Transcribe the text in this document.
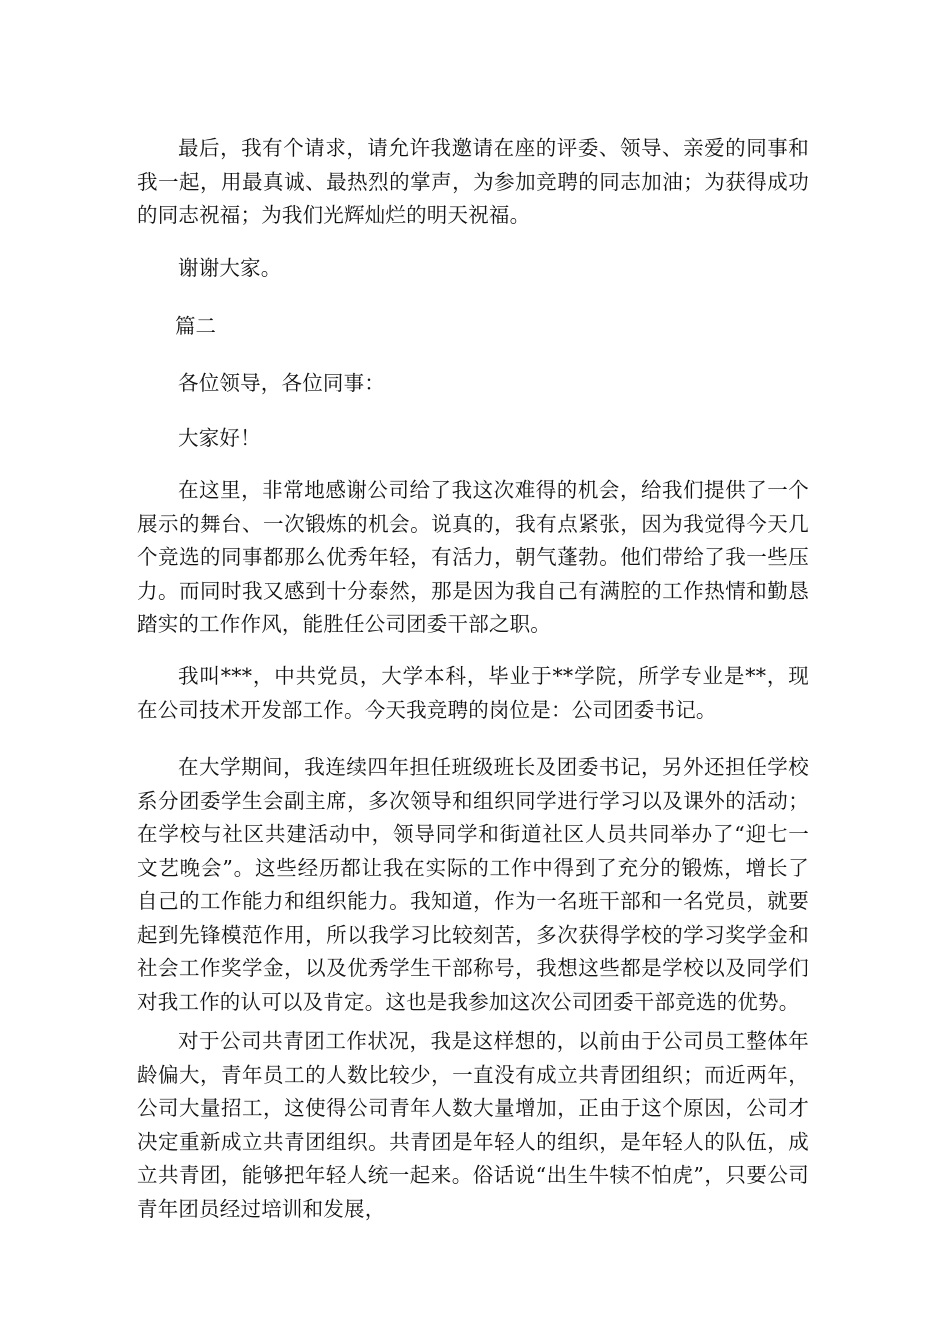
最后，我有个请求，请允许我邀请在座的评委、领导、亲爱的同事和我一起，用最真诚、最热烈的掌声，为参加竞聘的同志加油；为获得成功的同志祝福；为我们光辉灿烂的明天祝福。

谢谢大家。

篇二

各位领导，各位同事：

大家好！

在这里，非常地感谢公司给了我这次难得的机会，给我们提供了一个展示的舞台、一次锻炼的机会。说真的，我有点紧张，因为我觉得今天几个竞选的同事都那么优秀年轻，有活力，朝气蓬勃。他们带给了我一些压力。而同时我又感到十分泰然，那是因为我自己有满腔的工作热情和勤恳踏实的工作作风，能胜任公司团委干部之职。

我叫***，中共党员，大学本科，毕业于**学院，所学专业是**，现在公司技术开发部工作。今天我竞聘的岗位是：公司团委书记。

在大学期间，我连续四年担任班级班长及团委书记，另外还担任学校系分团委学生会副主席，多次领导和组织同学进行学习以及课外的活动；在学校与社区共建活动中，领导同学和街道社区人员共同举办了“迎七一文艺晚会”。这些经历都让我在实际的工作中得到了充分的锻炼，增长了自己的工作能力和组织能力。我知道，作为一名班干部和一名党员，就要起到先锋模范作用，所以我学习比较刻苦，多次获得学校的学习奖学金和社会工作奖学金，以及优秀学生干部称号，我想这些都是学校以及同学们对我工作的认可以及肯定。这也是我参加这次公司团委干部竞选的优势。

对于公司共青团工作状况，我是这样想的，以前由于公司员工整体年龄偏大，青年员工的人数比较少，一直没有成立共青团组织；而近两年，公司大量招工，这使得公司青年人数大量增加，正由于这个原因，公司才决定重新成立共青团组织。共青团是年轻人的组织，是年轻人的队伍，成立共青团，能够把年轻人统一起来。俗话说“出生牛犊不怕虎”，只要公司青年团员经过培训和发展，
